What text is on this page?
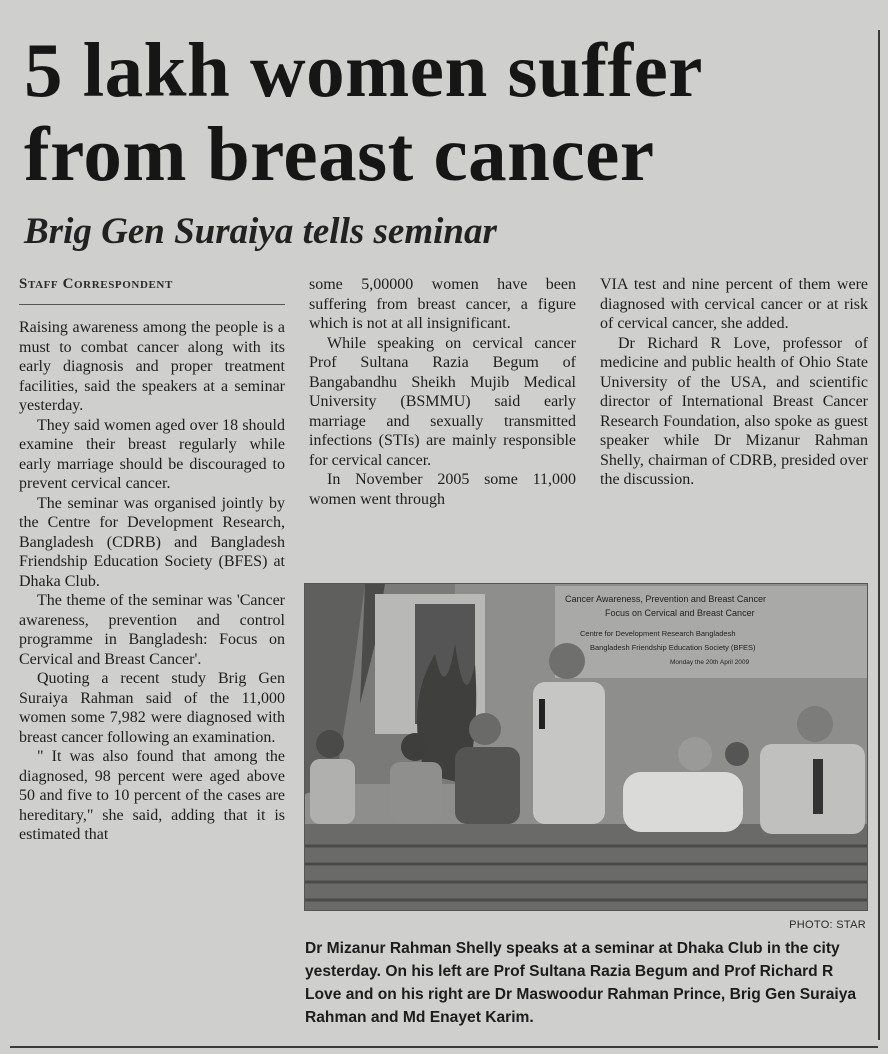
5 lakh women suffer from breast cancer
Brig Gen Suraiya tells seminar
Staff Correspondent

Raising awareness among the people is a must to combat cancer along with its early diagnosis and proper treatment facilities, said the speakers at a seminar yesterday.

They said women aged over 18 should examine their breast regularly while early marriage should be discouraged to prevent cervical cancer.

The seminar was organised jointly by the Centre for Development Research, Bangladesh (CDRB) and Bangladesh Friendship Education Society (BFES) at Dhaka Club.

The theme of the seminar was 'Cancer awareness, prevention and control programme in Bangladesh: Focus on Cervical and Breast Cancer'.

Quoting a recent study Brig Gen Suraiya Rahman said of the 11,000 women some 7,982 were diagnosed with breast cancer following an examination.

" It was also found that among the diagnosed, 98 percent were aged above 50 and five to 10 percent of the cases are hereditary," she said, adding that it is estimated that

some 5,00000 women have been suffering from breast cancer, a figure which is not at all insignificant.

While speaking on cervical cancer Prof Sultana Razia Begum of Bangabandhu Sheikh Mujib Medical University (BSMMU) said early marriage and sexually transmitted infections (STIs) are mainly responsible for cervical cancer.

In November 2005 some 11,000 women went through

VIA test and nine percent of them were diagnosed with cervical cancer or at risk of cervical cancer, she added.

Dr Richard R Love, professor of medicine and public health of Ohio State University of the USA, and scientific director of International Breast Cancer Research Foundation, also spoke as guest speaker while Dr Mizanur Rahman Shelly, chairman of CDRB, presided over the discussion.

Cancer Awareness, Prevention and Breast Cancer
Focus on Cervical and Breast Cancer
Centre for Development Research Bangladesh
Bangladesh Friendship Education Society (BFES)
Monday the 20th April 2009
PHOTO: STAR

Dr Mizanur Rahman Shelly speaks at a seminar at Dhaka Club in the city yesterday. On his left are Prof Sultana Razia Begum and Prof Richard R Love and on his right are Dr Maswoodur Rahman Prince, Brig Gen Suraiya Rahman and Md Enayet Karim.
